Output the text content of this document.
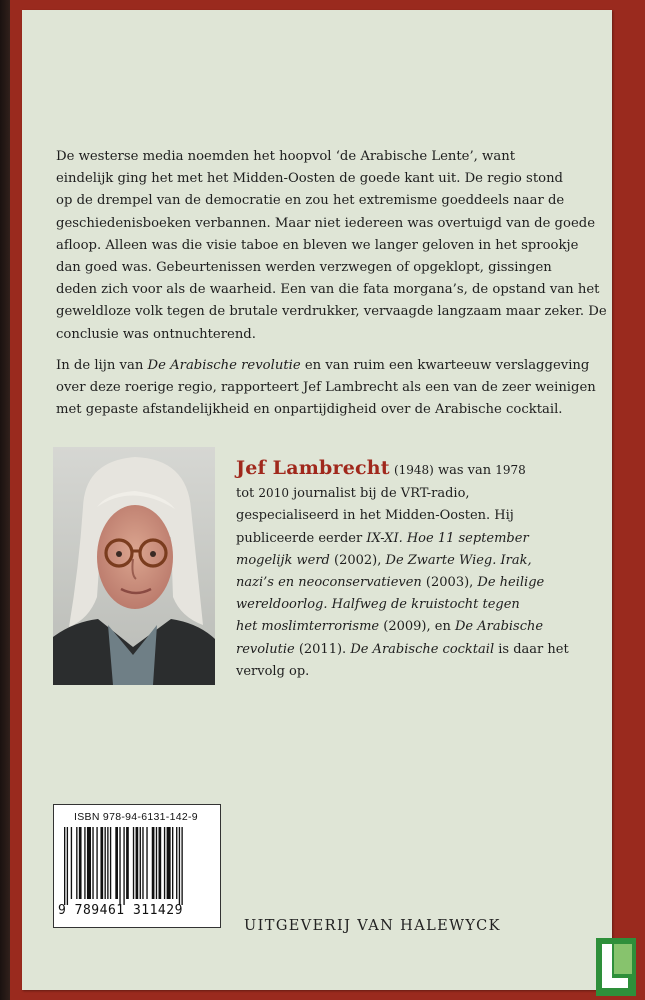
De westerse media noemden het hoopvol ‘de Arabische Lente’, want

eindelijk ging het met het Midden-Oosten de goede kant uit. De regio stond

op de drempel van de democratie en zou het extremisme goeddeels naar de

geschiedenisboeken verbannen. Maar niet iedereen was overtuigd van de goede

afloop. Alleen was die visie taboe en bleven we langer geloven in het sprookje

dan goed was. Gebeurtenissen werden verzwegen of opgeklopt, gissingen

deden zich voor als de waarheid. Een van die fata morgana’s, de opstand van het

geweldloze volk tegen de brutale verdrukker, vervaagde langzaam maar zeker. De

conclusie was ontnuchterend.

In de lijn van De Arabische revolutie en van ruim een kwarteeuw verslaggeving

over deze roerige regio, rapporteert Jef Lambrecht als een van de zeer weinigen

met gepaste afstandelijkheid en onpartijdigheid over de Arabische cocktail.

Jef Lambrecht (1948) was van 1978
tot 2010 journalist bij de VRT-radio,
gespecialiseerd in het Midden-Oosten. Hij
publiceerde eerder IX-XI. Hoe 11 september
mogelijk werd (2002), De Zwarte Wieg. Irak,
nazi’s en neoconservatieven (2003), De heilige
wereldoorlog. Halfweg de kruistocht tegen
het moslimterrorisme (2009), en De Arabische
revolutie (2011). De Arabische cocktail is daar het
vervolg op.
ISBN 978-94-6131-142-9
9 789461 311429
UITGEVERIJ VAN HALEWYCK
